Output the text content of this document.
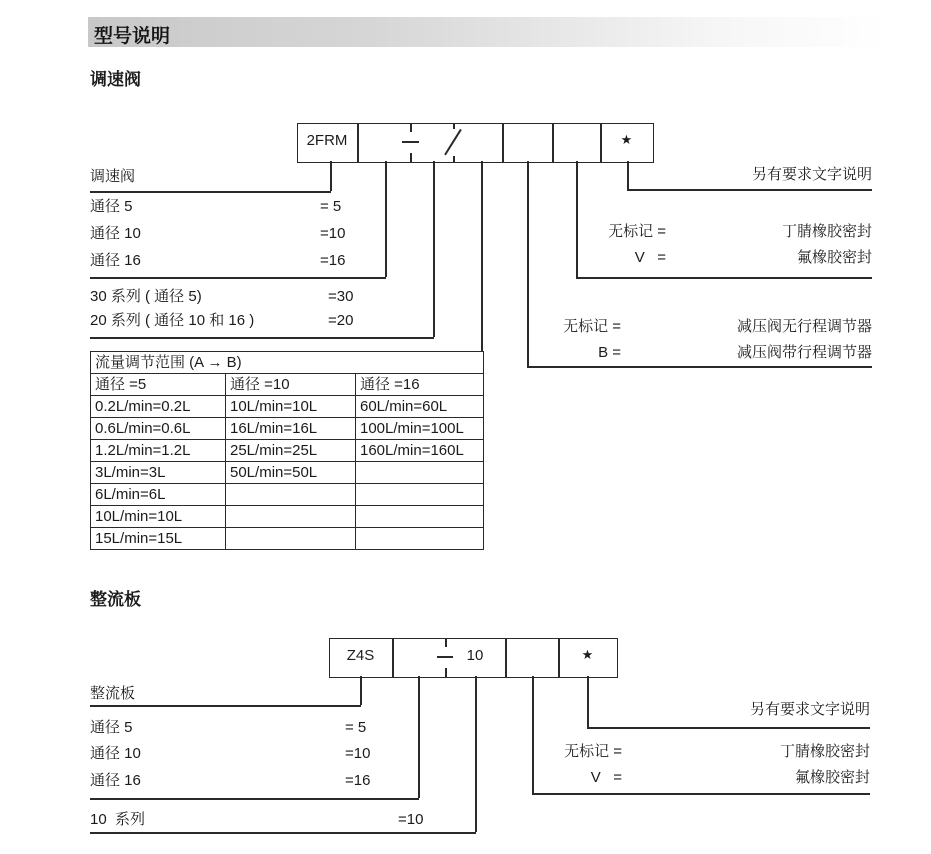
型号说明
调速阀
2FRM	★
调速阀
通径 5	= 5
通径 10	=10
通径 16	=16
30 系列 ( 通径 5)	=30
20 系列 ( 通径 10 和 16 )	=20
流量调节范围 (A → B)		
通径 =5	通径 =10	通径 =16
0.2L/min=0.2L	10L/min=10L	60L/min=60L
0.6L/min=0.6L	16L/min=16L	100L/min=100L
1.2L/min=1.2L	25L/min=25L	160L/min=160L
3L/min=3L	50L/min=50L	
6L/min=6L		
10L/min=10L		
15L/min=15L		
另有要求文字说明
无标记 =	丁腈橡胶密封
V   =	氟橡胶密封
无标记 =	减压阀无行程调节器
B =	减压阀带行程调节器
整流板
Z4S	10	★
整流板
通径 5	= 5
通径 10	=10
通径 16	=16
10  系列	=10
另有要求文字说明
无标记 =	丁腈橡胶密封
V   =	氟橡胶密封
